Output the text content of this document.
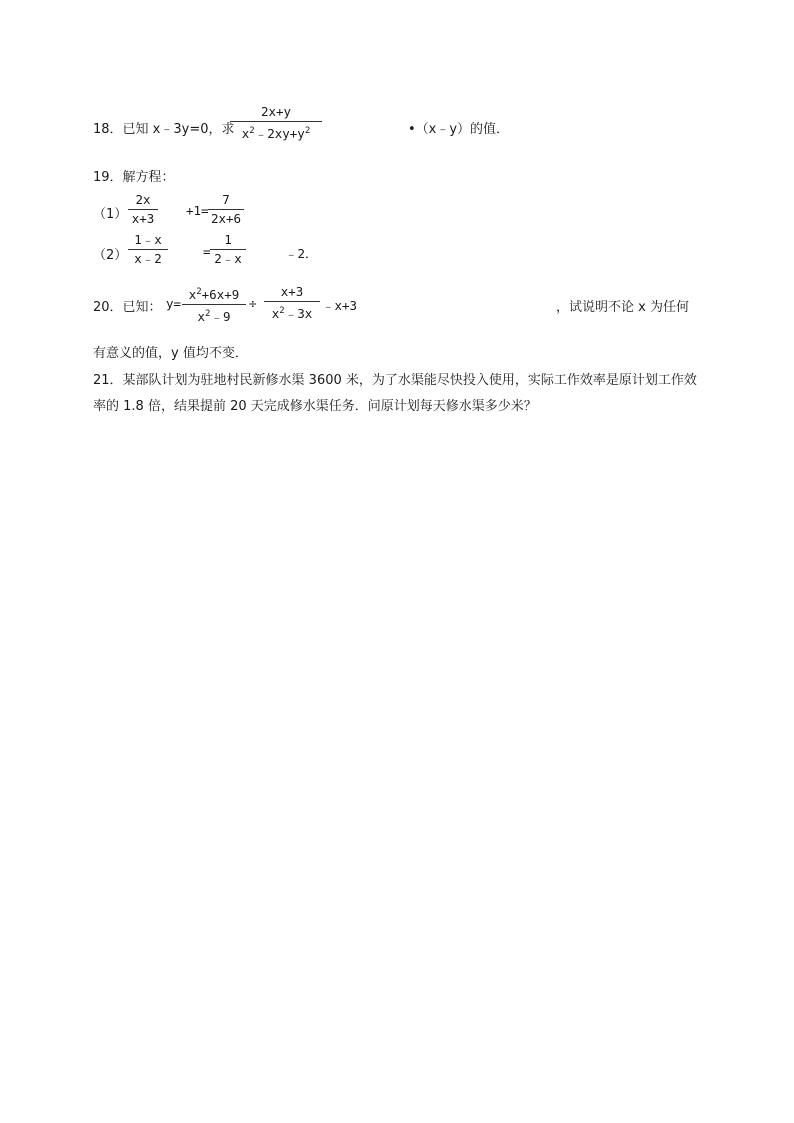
18．已知 x﹣3y=0，求
2x+y
$x^2﹣2xy+y^2$	•（x﹣y）的值．
19．解方程：
（1）
2x
x+3
+1=
7
2x+6
（2）
1﹣x
x﹣2	=
1
2﹣x	﹣2．
20．已知： y=
$x^2+6x+9$
$x^2﹣9$
÷
x+3
$x^2﹣3x$
﹣x+3	，试说明不论 x 为任何
有意义的值，y 值均不变．
21．某部队计划为驻地村民新修水渠 3600 米，为了水渠能尽快投入使用，实际工作效率是原计划工作效率的 1.8 倍，结果提前 20 天完成修水渠任务．问原计划每天修水渠多少米？
